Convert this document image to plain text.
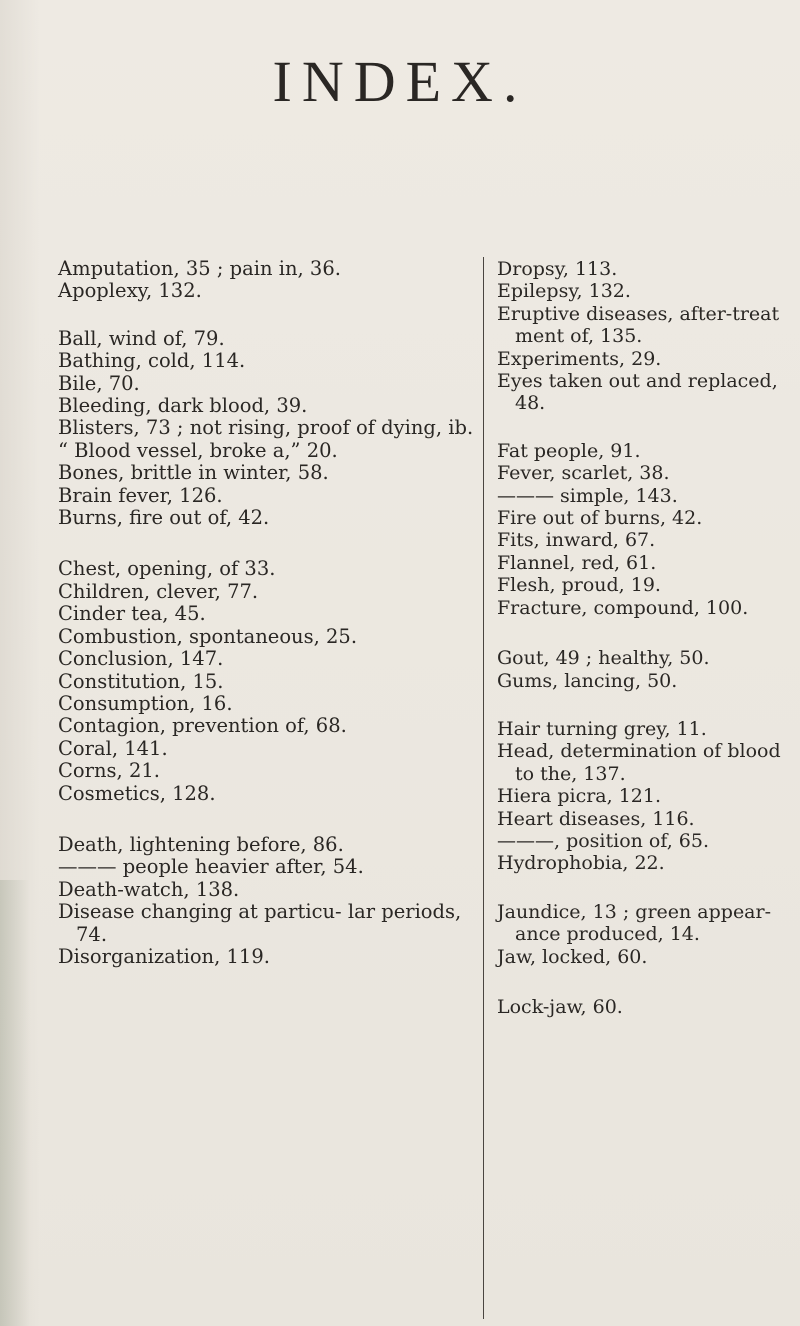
INDEX.

Amputation, 35 ; pain in, 36.

Apoplexy, 132.

Ball, wind of, 79.

Bathing, cold, 114.

Bile, 70.

Bleeding, dark blood, 39.

Blisters, 73 ; not rising, proof of dying, ib.

“ Blood vessel, broke a,” 20.

Bones, brittle in winter, 58.

Brain fever, 126.

Burns, fire out of, 42.

Chest, opening, of 33.

Children, clever, 77.

Cinder tea, 45.

Combustion, spontaneous, 25.

Conclusion, 147.

Constitution, 15.

Consumption, 16.

Contagion, prevention of, 68.

Coral, 141.

Corns, 21.

Cosmetics, 128.

Death, lightening before, 86.

——— people heavier after, 54.

Death-watch, 138.

Disease changing at particu- lar periods, 74.

Disorganization, 119.

Dropsy, 113.

Epilepsy, 132.

Eruptive diseases, after-treat ment of, 135.

Experiments, 29.

Eyes taken out and replaced, 48.

Fat people, 91.

Fever, scarlet, 38.

——— simple, 143.

Fire out of burns, 42.

Fits, inward, 67.

Flannel, red, 61.

Flesh, proud, 19.

Fracture, compound, 100.

Gout, 49 ; healthy, 50.

Gums, lancing, 50.

Hair turning grey, 11.

Head, determination of blood to the, 137.

Hiera picra, 121.

Heart diseases, 116.

———, position of, 65.

Hydrophobia, 22.

Jaundice, 13 ; green appear- ance produced, 14.

Jaw, locked, 60.

Lock-jaw, 60.
